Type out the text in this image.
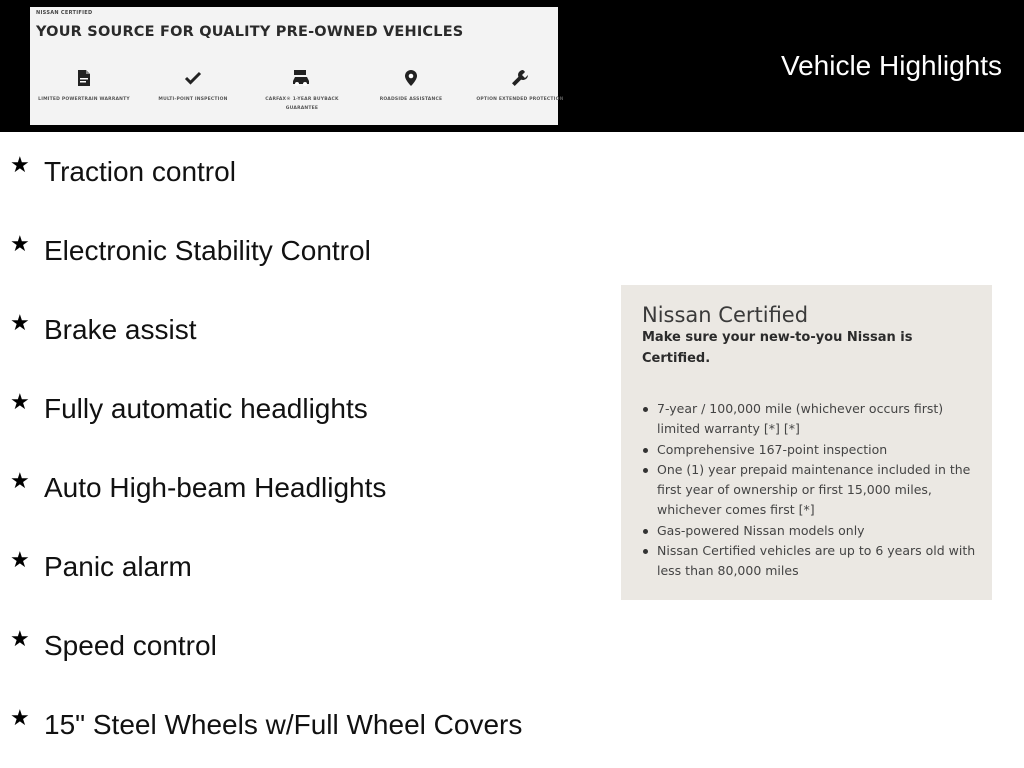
NISSAN CERTIFIED
YOUR SOURCE FOR QUALITY PRE-OWNED VEHICLES
LIMITED POWERTRAIN WARRANTY	MULTI-POINT INSPECTION	CARFAX® 1-YEAR BUYBACK GUARANTEE
ROADSIDE ASSISTANCE	OPTION EXTENDED PROTECTION
Vehicle Highlights
★ Traction control
★ Electronic Stability Control
★ Brake assist
★ Fully automatic headlights
★ Auto High-beam Headlights
★ Panic alarm
★ Speed control
★ 15" Steel Wheels w/Full Wheel Covers
Nissan Certified
Make sure your new-to-you Nissan is Certified.
7-year / 100,000 mile (whichever occurs first) limited warranty [*] [*]
Comprehensive 167-point inspection
One (1) year prepaid maintenance included in the first year of ownership or first 15,000 miles, whichever comes first [*]
Gas-powered Nissan models only
Nissan Certified vehicles are up to 6 years old with less than 80,000 miles
